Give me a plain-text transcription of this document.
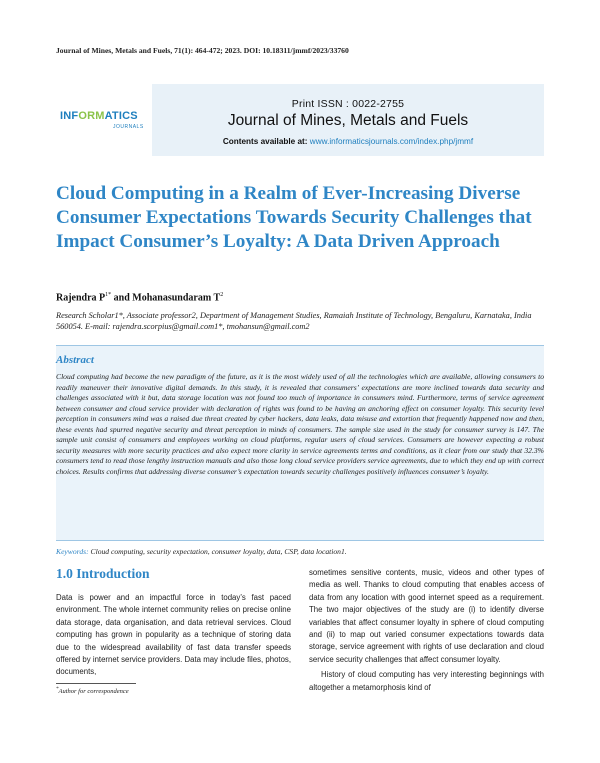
Journal of Mines, Metals and Fuels, 71(1): 464-472; 2023. DOI: 10.18311/jmmf/2023/33760
INFORMATICS
JOURNALS
Print ISSN : 0022-2755
Journal of Mines, Metals and Fuels
Contents available at: www.informaticsjournals.com/index.php/jmmf
Cloud Computing in a Realm of Ever-Increasing Diverse Consumer Expectations Towards Security Challenges that Impact Consumer’s Loyalty: A Data Driven Approach
Rajendra $P^{1*}$ and Mohanasundaram $T^2$
Research Scholar1*, Associate professor2, Department of Management Studies, Ramaiah Institute of Technology, Bengaluru, Karnataka, India 560054. E-mail: rajendra.scorpius@gmail.com1*, tmohansun@gmail.com2
Abstract

Cloud computing had become the new paradigm of the future, as it is the most widely used of all the technologies which are available, allowing consumers to readily maneuver their innovative digital demands. In this study, it is revealed that consumers’ expectations are more inclined towards data security and challenges associated with it but, data storage location was not found too much of importance in consumers mind. Furthermore, terms of service agreement between consumer and cloud service provider with declaration of rights was found to be having an anchoring effect on consumer loyalty. This security level perception in consumers mind was a raised due threat created by cyber hackers, data leaks, data misuse and extortion that frequently happened now and then, these events had spurred negative security and threat perception in minds of consumers. The sample size used in the study for consumer survey is 147. The sample unit consist of consumers and employees working on cloud platforms, regular users of cloud services. Consumers are however expecting a robust security measures with more security practices and also expect more clarity in service agreements terms and conditions, as it clear from our study that 32.3% consumers tend to read those lengthy instruction manuals and also those long cloud service providers service agreements, due to which they end up with correct choices. Results confirms that addressing diverse consumer’s expectation towards security challenges positively influences consumer’s loyalty.

Keywords: Cloud computing, security expectation, consumer loyalty, data, CSP, data location1.
1.0 Introduction

Data is power and an impactful force in today’s fast paced environment. The whole internet community relies on precise online data storage, data organisation, and data retrieval services. Cloud computing has grown in popularity as a technique of storing data due to the widespread availability of fast data transfer speeds offered by internet service providers. Data may include files, photos, documents,

sometimes sensitive contents, music, videos and other types of media as well. Thanks to cloud computing that enables access of data from any location with good internet speed as a requirement. The two major objectives of the study are (i) to identify diverse variables that affect consumer loyalty in sphere of cloud computing and (ii) to map out varied consumer expectations towards data storage, service agreement with rights of use declaration and cloud service security challenges that affect consumer loyalty.

History of cloud computing has very interesting beginnings with altogether a metamorphosis kind of

*Author for correspondence
